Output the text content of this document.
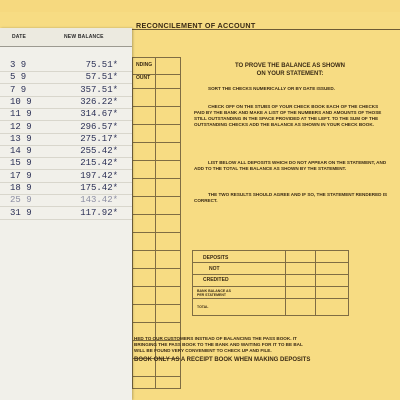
RECONCILEMENT OF ACCOUNT
NDING
OUNT
TO PROVE THE BALANCE AS SHOWN
ON YOUR STATEMENT:
SORT THE CHECKS NUMERICALLY OR BY DATE ISSUED.
CHECK OFF ON THE STUBS OF YOUR CHECK BOOK EACH OF THE CHECKS PAID BY THE BANK AND MAKE A LIST OF THE NUMBERS AND AMOUNTS OF THOSE STILL OUTSTANDING IN THE SPACE PROVIDED AT THE LEFT. TO THE SUM OF THE OUTSTANDING CHECKS ADD THE BALANCE AS SHOWN IN YOUR CHECK BOOK.
LIST BELOW ALL DEPOSITS WHICH DO NOT APPEAR ON THE STATEMENT, AND ADD TO THE TOTAL THE BALANCE AS SHOWN BY THE STATEMENT.
THE TWO RESULTS SHOULD AGREE AND IF SO, THE STATEMENT RENDERED IS CORRECT.
DEPOSITS
NOT
CREDITED
BANK BALANCE AS PER STATEMENT
TOTAL
HED TO OUR CUSTOMERS INSTEAD OF BALANCING THE PASS BOOK. IT
BRINGING THE PASS BOOK TO THE BANK AND WAITING FOR IT TO BE BAL
WILL BE FOUND VERY CONVENIENT TO CHECK UP AND FILE.
BOOK ONLY AS A RECEIPT BOOK WHEN MAKING DEPOSITS
DATE	NEW BALANCE
3 9	75.51*
5 9	57.51*
7 9	357.51*
10 9	326.22*
11 9	314.67*
12 9	296.57*
13 9	275.17*
14 9	255.42*
15 9	215.42*
17 9	197.42*
18 9	175.42*
25 9	143.42*
31 9	117.92*
